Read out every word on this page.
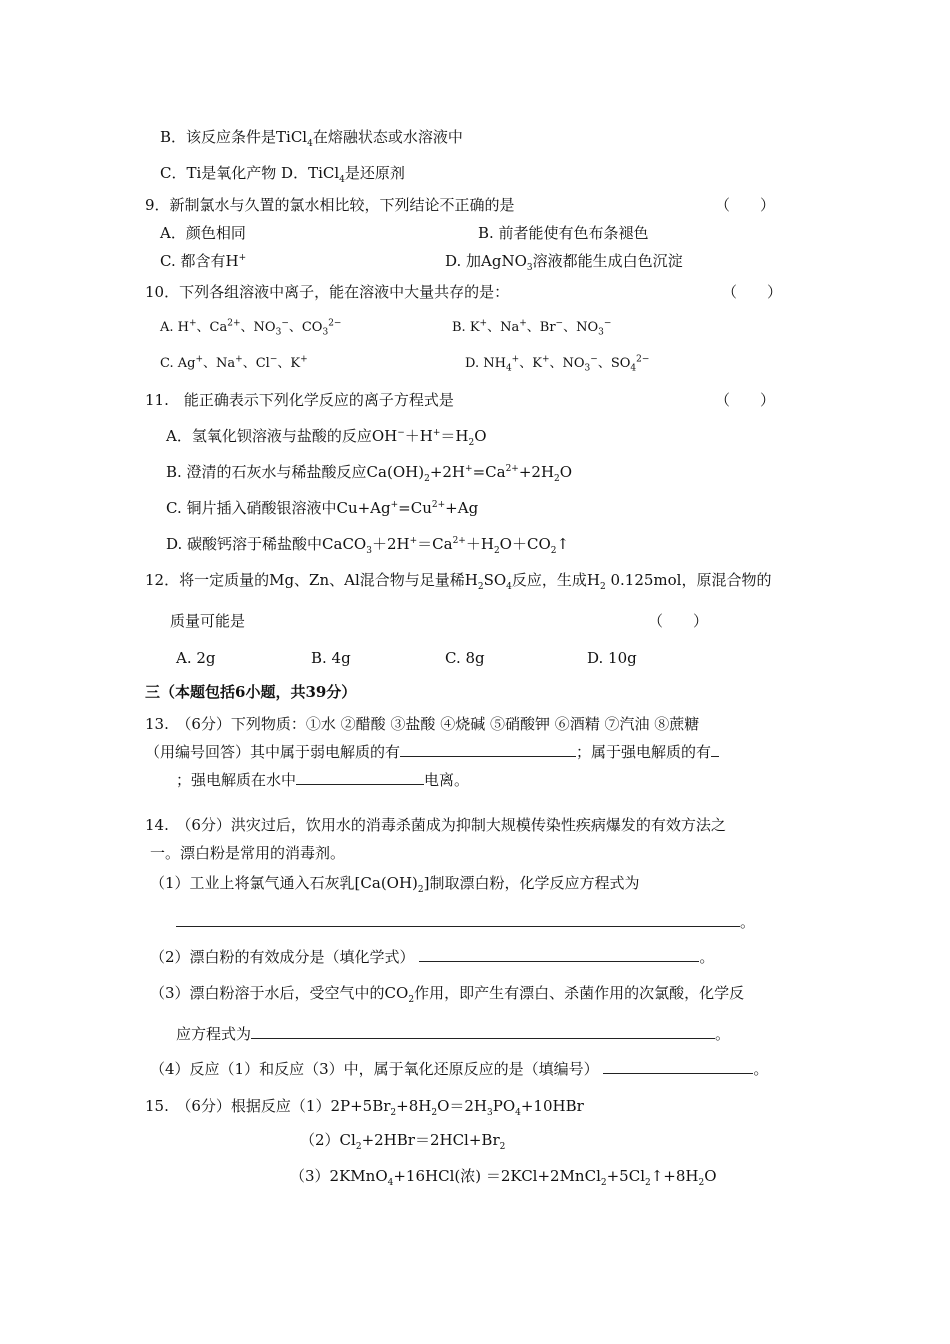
B．该反应条件是TiCl$_4$在熔融状态或水溶液中
C．Ti是氧化产物 D．TiCl$_4$是还原剂
9．新制氯水与久置的氯水相比较，下列结论不正确的是	（　　）
A．颜色相同	B. 前者能使有色布条褪色
C. 都含有H+	D. 加AgNO$_3$溶液都能生成白色沉淀
10．下列各组溶液中离子，能在溶液中大量共存的是：	（　　）
A. H+、$Ca^{2+}$、$NO_3^-$、$CO_3^{2-}$	B. K+、Na+、Br−、$NO_3^-$
C. Ag+、Na+、Cl−、K+	D. $NH_4^+$、K+、$NO_3^-$、$SO_4^{2-}$
11.　能正确表示下列化学反应的离子方程式是	（　　）
A．氢氧化钡溶液与盐酸的反应$OH^-+H^+=H_2O$
B. 澄清的石灰水与稀盐酸反应$Ca(OH)_2+2H^+=Ca^{2+}+2H_2O$
C. 铜片插入硝酸银溶液中$Cu+Ag^+=Cu^{2+}+Ag$
D. 碳酸钙溶于稀盐酸中$CaCO_3+2H^+=Ca^{2+}+H_2O+CO_2↑$
12．将一定质量的Mg、Zn、Al混合物与足量稀$H_2SO_4$反应，生成$H_2$ 0.125mol，原混合物的
质量可能是	（　　）
A. 2g	B. 4g	C. 8g	D. 10g
三（本题包括6小题，共39分）
13.　（6分）下列物质：①水 ②醋酸 ③盐酸 ④烧碱 ⑤硝酸钾 ⑥酒精 ⑦汽油 ⑧蔗糖
（用编号回答）其中属于弱电解质的有	；属于强电解质的有
；强电解质在水中	电离。
14.　（6分）洪灾过后，饮用水的消毒杀菌成为抑制大规模传染性疾病爆发的有效方法之
一。漂白粉是常用的消毒剂。
（1）工业上将氯气通入石灰乳$[Ca(OH)_2]$制取漂白粉，化学反应方程式为
。
（2）漂白粉的有效成分是（填化学式）	。
（3）漂白粉溶于水后，受空气中的$CO_2$作用，即产生有漂白、杀菌作用的次氯酸，化学反
应方程式为	。
（4）反应（1）和反应（3）中，属于氧化还原反应的是（填编号）	。
15.　（6分）根据反应$(1)2P+5Br_2+8H_2O=2H_3PO_4+10HBr$
$(2)Cl_2+2HBr=2HCl+Br_2$
（3）2KMnO$_4$+16HCl(浓) $=2KCl+2MnCl_2+5Cl_2↑+8H_2O$
